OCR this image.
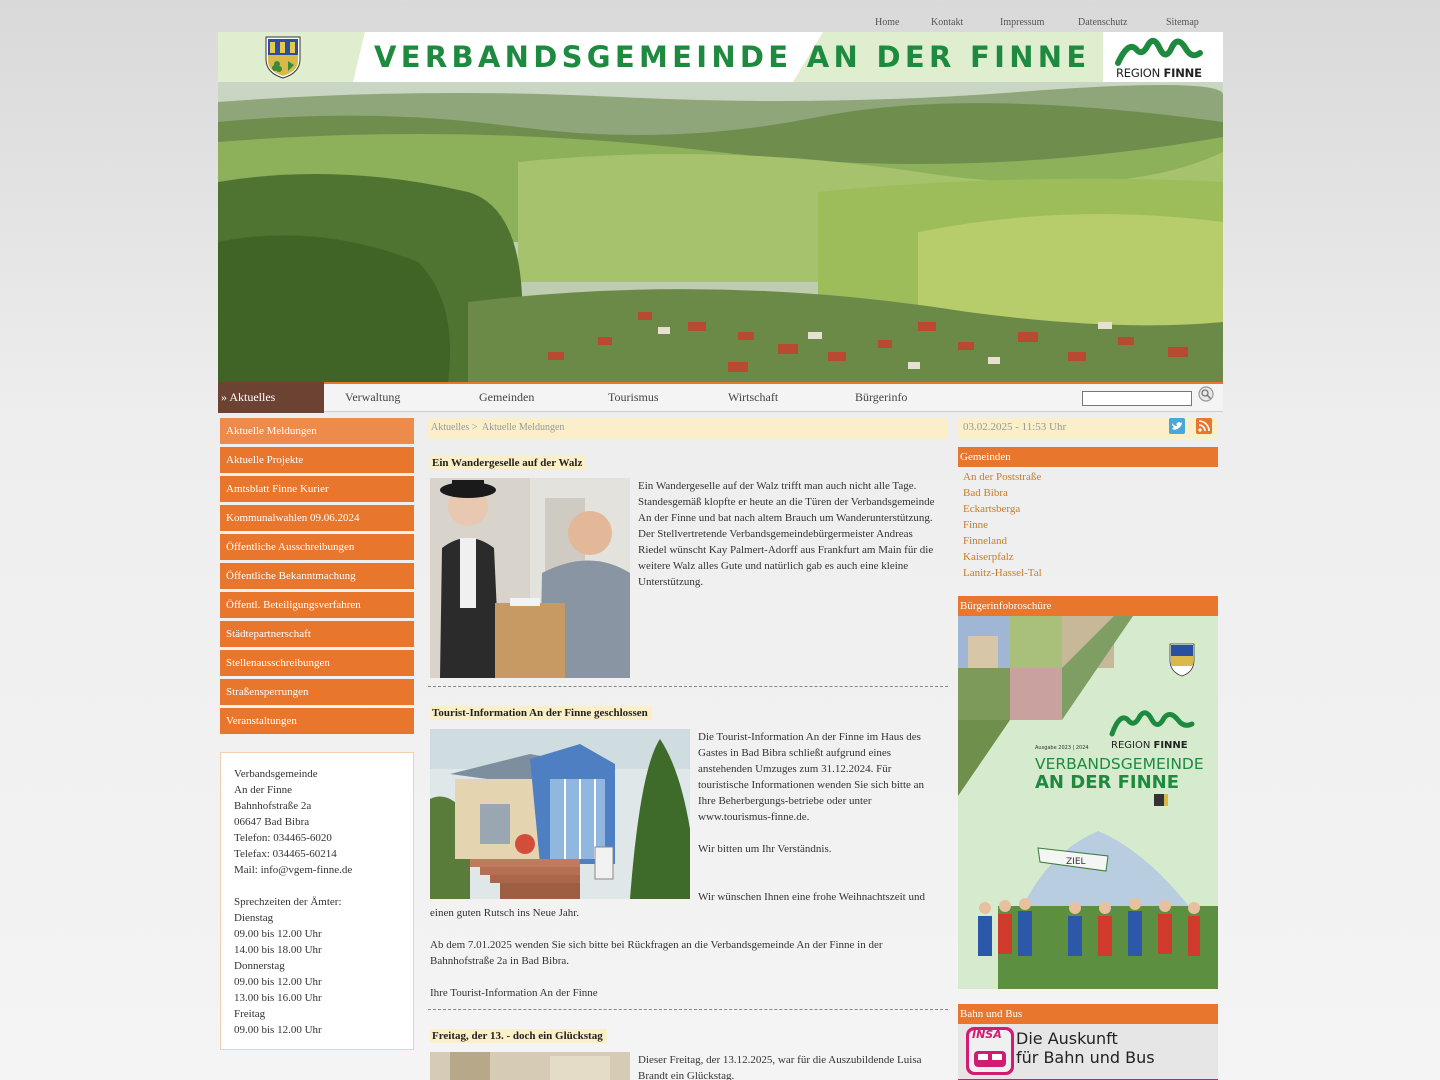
Home	Kontakt	Impressum	Datenschutz	Sitemap
VERBANDSGEMEINDE AN DER FINNE REGION FINNE
» Aktuelles	Verwaltung	Gemeinden	Tourismus	Wirtschaft	Bürgerinfo
Aktuelle Meldungen
Aktuelle Projekte
Amtsblatt Finne Kurier
Kommunalwahlen 09.06.2024
Öffentliche Ausschreibungen
Öffentliche Bekanntmachung
Öffentl. Beteiligungsverfahren
Städtepartnerschaft
Stellenausschreibungen
Straßensperrungen
Veranstaltungen
Verbandsgemeinde
An der Finne
Bahnhofstraße 2a
06647 Bad Bibra
Telefon: 034465-6020
Telefax: 034465-60214
Mail: info@vgem-finne.de
Sprechzeiten der Ämter:
Dienstag
09.00 bis 12.00 Uhr
14.00 bis 18.00 Uhr
Donnerstag
09.00 bis 12.00 Uhr
13.00 bis 16.00 Uhr
Freitag
09.00 bis 12.00 Uhr
Aktuelles > Aktuelle Meldungen
Ein Wandergeselle auf der Walz
Ein Wandergeselle auf der Walz trifft man auch nicht alle Tage. Standesgemäß klopfte er heute an die Türen der Verbandsgemeinde An der Finne und bat nach altem Brauch um Wanderunterstützung. Der Stellvertretende Verbandsgemeindebürgermeister Andreas Riedel wünscht Kay Palmert-Adorff aus Frankfurt am Main für die weitere Walz alles Gute und natürlich gab es auch eine kleine Unterstützung.
Tourist-Information An der Finne geschlossen
Die Tourist-Information An der Finne im Haus des Gastes in Bad Bibra schließt aufgrund eines anstehenden Umzuges zum 31.12.2024. Für touristische Informationen wenden Sie sich bitte an Ihre Beherbergungs-betriebe oder unter www.tourismus-finne.de.
Wir bitten um Ihr Verständnis.
Wir wünschen Ihnen eine frohe Weihnachtszeit und einen guten Rutsch ins Neue Jahr.
Ab dem 7.01.2025 wenden Sie sich bitte bei Rückfragen an die Verbandsgemeinde An der Finne in der Bahnhofstraße 2a in Bad Bibra.
Ihre Tourist-Information An der Finne
Freitag, der 13. - doch ein Glückstag
Dieser Freitag, der 13.12.2025, war für die Auszubildende Luisa Brandt ein Glückstag.
03.02.2025 - 11:53 Uhr
Gemeinden
An der Poststraße
Bad Bibra
Eckartsberga
Finne
Finneland
Kaiserpfalz
Lanitz-Hassel-Tal
Bürgerinfobroschüre
Ausgabe 2023 | 2024 REGION FINNE
VERBANDSGEMEINDE
AN DER FINNE
ZIEL
Bahn und Bus
INSA Die Auskunft
für Bahn und Bus
